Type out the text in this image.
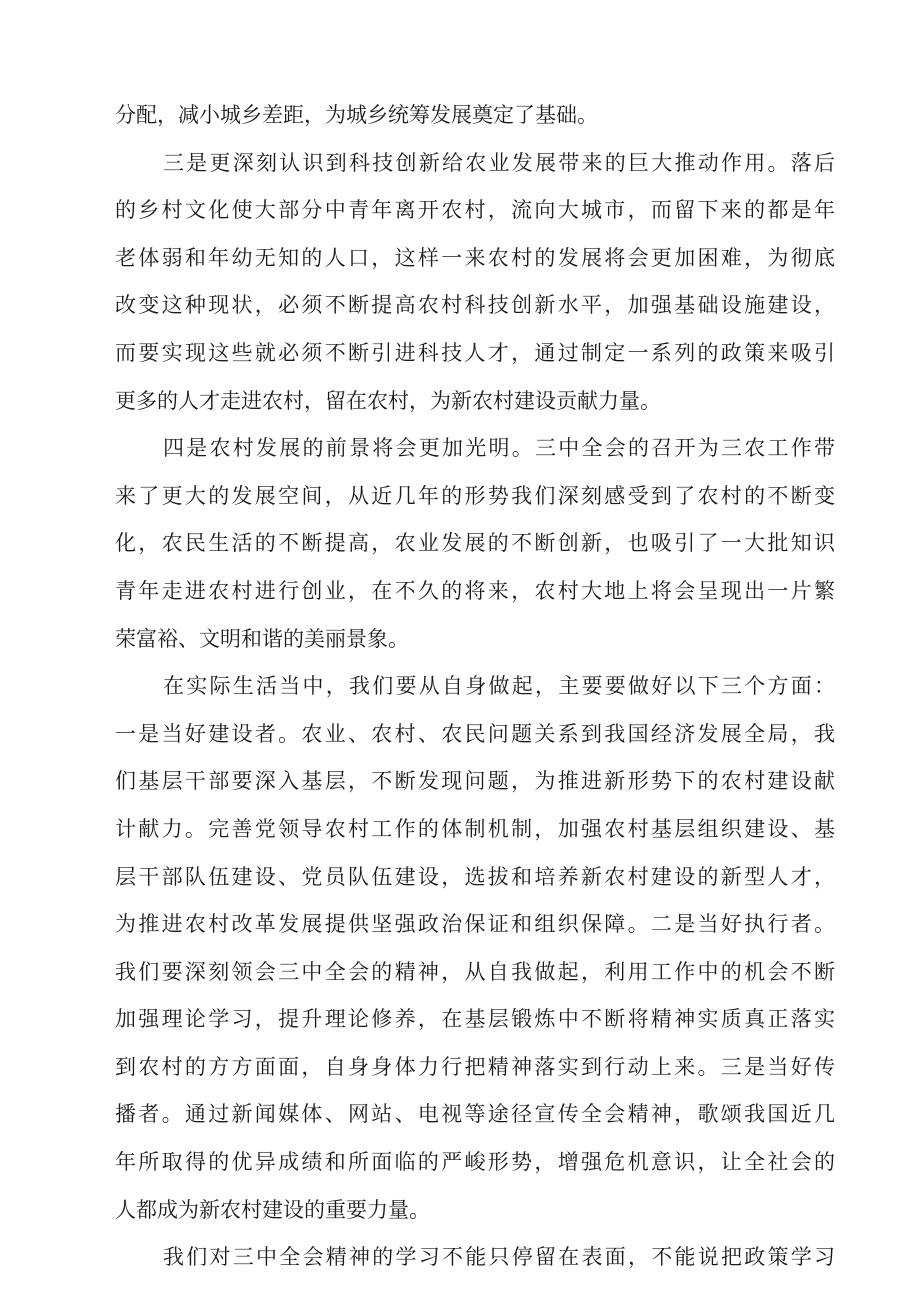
分配，减小城乡差距，为城乡统筹发展奠定了基础。
三是更深刻认识到科技创新给农业发展带来的巨大推动作用。落后
的乡村文化使大部分中青年离开农村，流向大城市，而留下来的都是年
老体弱和年幼无知的人口，这样一来农村的发展将会更加困难，为彻底
改变这种现状，必须不断提高农村科技创新水平，加强基础设施建设，
而要实现这些就必须不断引进科技人才，通过制定一系列的政策来吸引
更多的人才走进农村，留在农村，为新农村建设贡献力量。
四是农村发展的前景将会更加光明。三中全会的召开为三农工作带
来了更大的发展空间，从近几年的形势我们深刻感受到了农村的不断变
化，农民生活的不断提高，农业发展的不断创新，也吸引了一大批知识
青年走进农村进行创业，在不久的将来，农村大地上将会呈现出一片繁
荣富裕、文明和谐的美丽景象。
在实际生活当中，我们要从自身做起，主要要做好以下三个方面：
一是当好建设者。农业、农村、农民问题关系到我国经济发展全局，我
们基层干部要深入基层，不断发现问题，为推进新形势下的农村建设献
计献力。完善党领导农村工作的体制机制，加强农村基层组织建设、基
层干部队伍建设、党员队伍建设，选拔和培养新农村建设的新型人才，
为推进农村改革发展提供坚强政治保证和组织保障。二是当好执行者。
我们要深刻领会三中全会的精神，从自我做起，利用工作中的机会不断
加强理论学习，提升理论修养，在基层锻炼中不断将精神实质真正落实
到农村的方方面面，自身身体力行把精神落实到行动上来。三是当好传
播者。通过新闻媒体、网站、电视等途径宣传全会精神，歌颂我国近几
年所取得的优异成绩和所面临的严峻形势，增强危机意识，让全社会的
人都成为新农村建设的重要力量。
我们对三中全会精神的学习不能只停留在表面，不能说把政策学习
